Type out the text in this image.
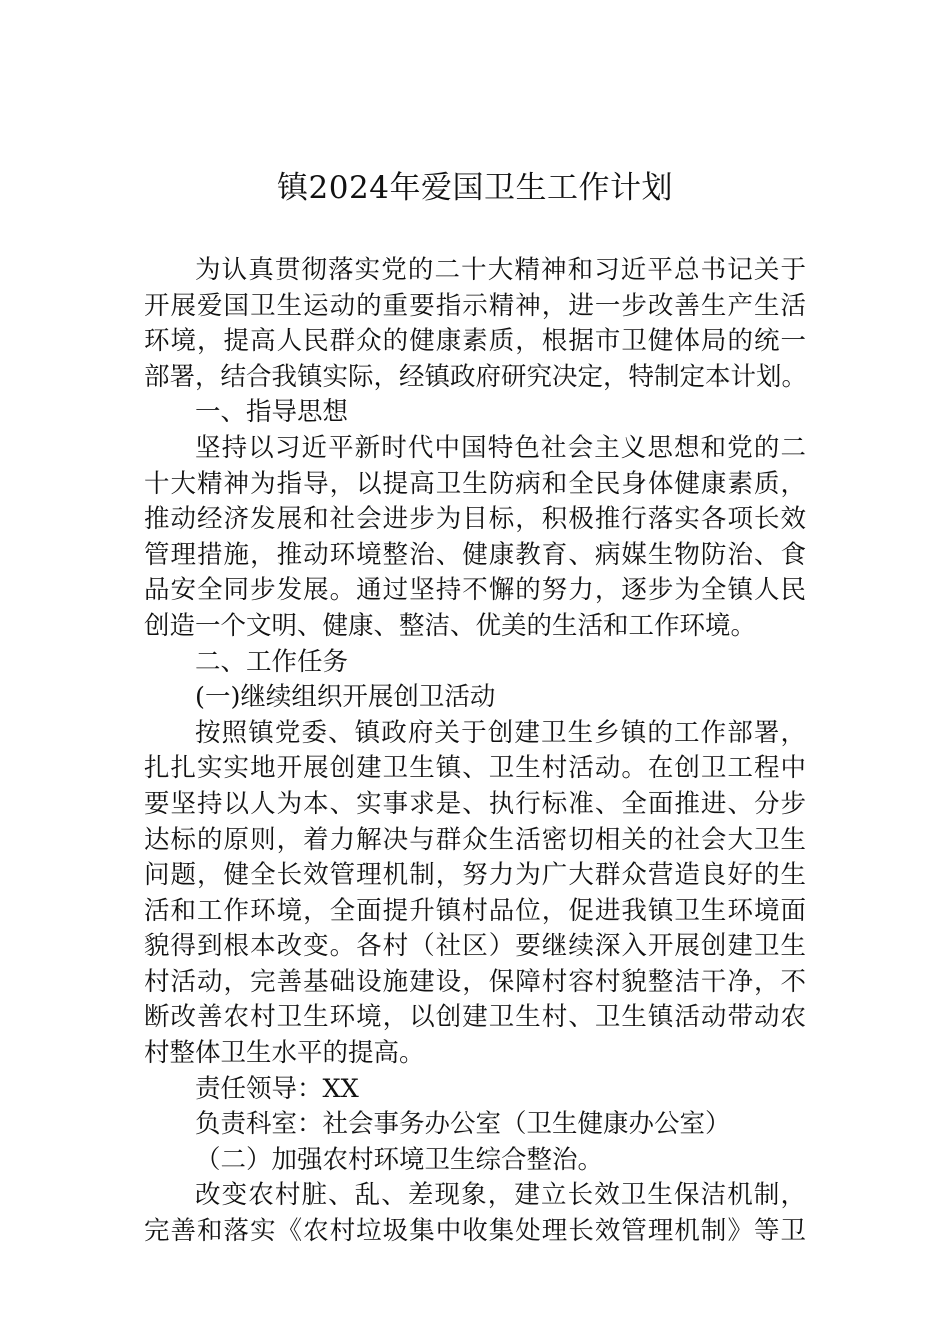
镇2024年爱国卫生工作计划
为认真贯彻落实党的二十大精神和习近平总书记关于
开展爱国卫生运动的重要指示精神，进一步改善生产生活
环境，提高人民群众的健康素质，根据市卫健体局的统一
部署，结合我镇实际，经镇政府研究决定，特制定本计划。
一、指导思想
坚持以习近平新时代中国特色社会主义思想和党的二
十大精神为指导，以提高卫生防病和全民身体健康素质，
推动经济发展和社会进步为目标，积极推行落实各项长效
管理措施，推动环境整治、健康教育、病媒生物防治、食
品安全同步发展。通过坚持不懈的努力，逐步为全镇人民
创造一个文明、健康、整洁、优美的生活和工作环境。
二、工作任务
(一)继续组织开展创卫活动
按照镇党委、镇政府关于创建卫生乡镇的工作部署，
扎扎实实地开展创建卫生镇、卫生村活动。在创卫工程中
要坚持以人为本、实事求是、执行标准、全面推进、分步
达标的原则，着力解决与群众生活密切相关的社会大卫生
问题，健全长效管理机制，努力为广大群众营造良好的生
活和工作环境，全面提升镇村品位，促进我镇卫生环境面
貌得到根本改变。各村（社区）要继续深入开展创建卫生
村活动，完善基础设施建设，保障村容村貌整洁干净，不
断改善农村卫生环境，以创建卫生村、卫生镇活动带动农
村整体卫生水平的提高。
责任领导：XX
负责科室：社会事务办公室（卫生健康办公室）
（二）加强农村环境卫生综合整治。
改变农村脏、乱、差现象，建立长效卫生保洁机制，
完善和落实《农村垃圾集中收集处理长效管理机制》等卫
